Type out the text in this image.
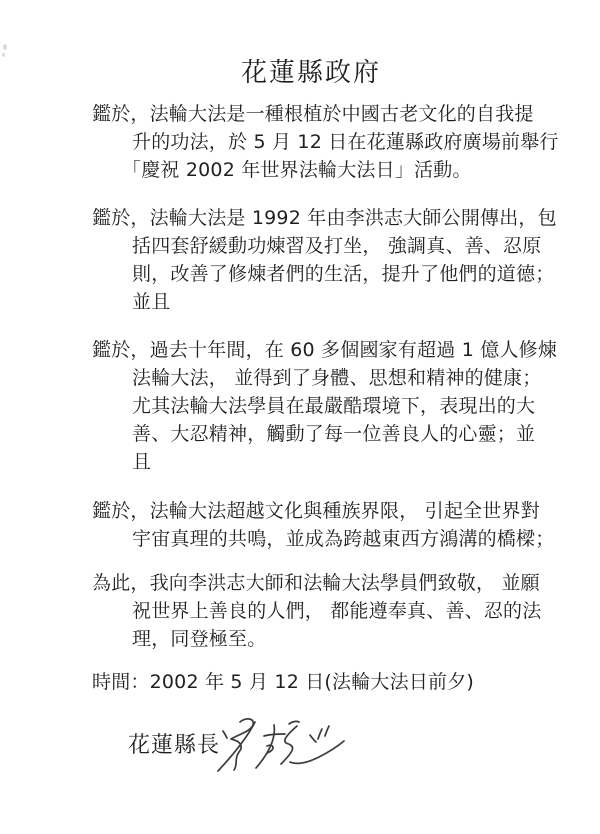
花蓮縣政府
鑑於，法輪大法是一種根植於中國古老文化的自我提
升的功法，於 5 月 12 日在花蓮縣政府廣場前舉行
「慶祝 2002 年世界法輪大法日」活動。
鑑於，法輪大法是 1992 年由李洪志大師公開傳出，包
括四套舒緩動功煉習及打坐， 強調真、善、忍原
則，改善了修煉者們的生活，提升了他們的道德；
並且
鑑於，過去十年間，在 60 多個國家有超過 1 億人修煉
法輪大法， 並得到了身體、思想和精神的健康；
尤其法輪大法學員在最嚴酷環境下，表現出的大
善、大忍精神，觸動了每一位善良人的心靈；並
且
鑑於，法輪大法超越文化與種族界限， 引起全世界對
宇宙真理的共鳴，並成為跨越東西方鴻溝的橋樑；
為此，我向李洪志大師和法輪大法學員們致敬， 並願
祝世界上善良的人們， 都能遵奉真、善、忍的法
理，同登極至。
時間：2002 年 5 月 12 日(法輪大法日前夕)
花蓮縣長
